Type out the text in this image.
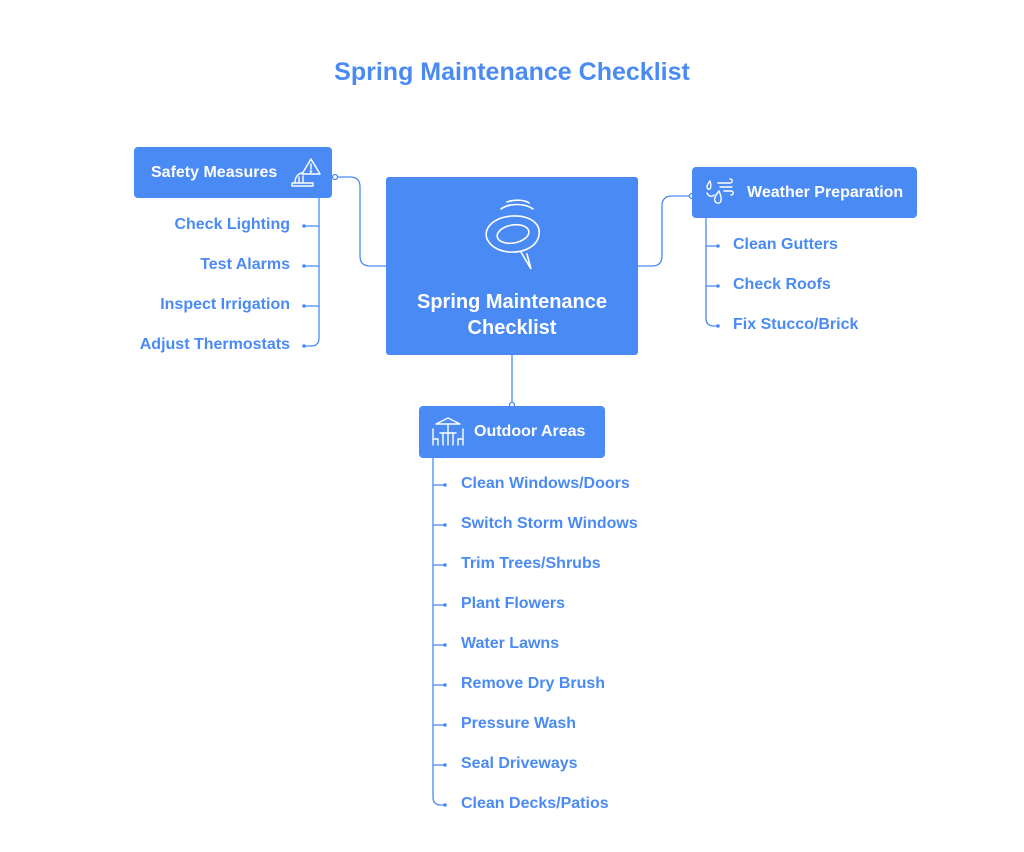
Spring Maintenance Checklist
Spring Maintenance
Checklist
Safety Measures
Check Lighting
Test Alarms
Inspect Irrigation
Adjust Thermostats
Weather Preparation
Clean Gutters
Check Roofs
Fix Stucco/Brick
Outdoor Areas
Clean Windows/Doors
Switch Storm Windows
Trim Trees/Shrubs
Plant Flowers
Water Lawns
Remove Dry Brush
Pressure Wash
Seal Driveways
Clean Decks/Patios
